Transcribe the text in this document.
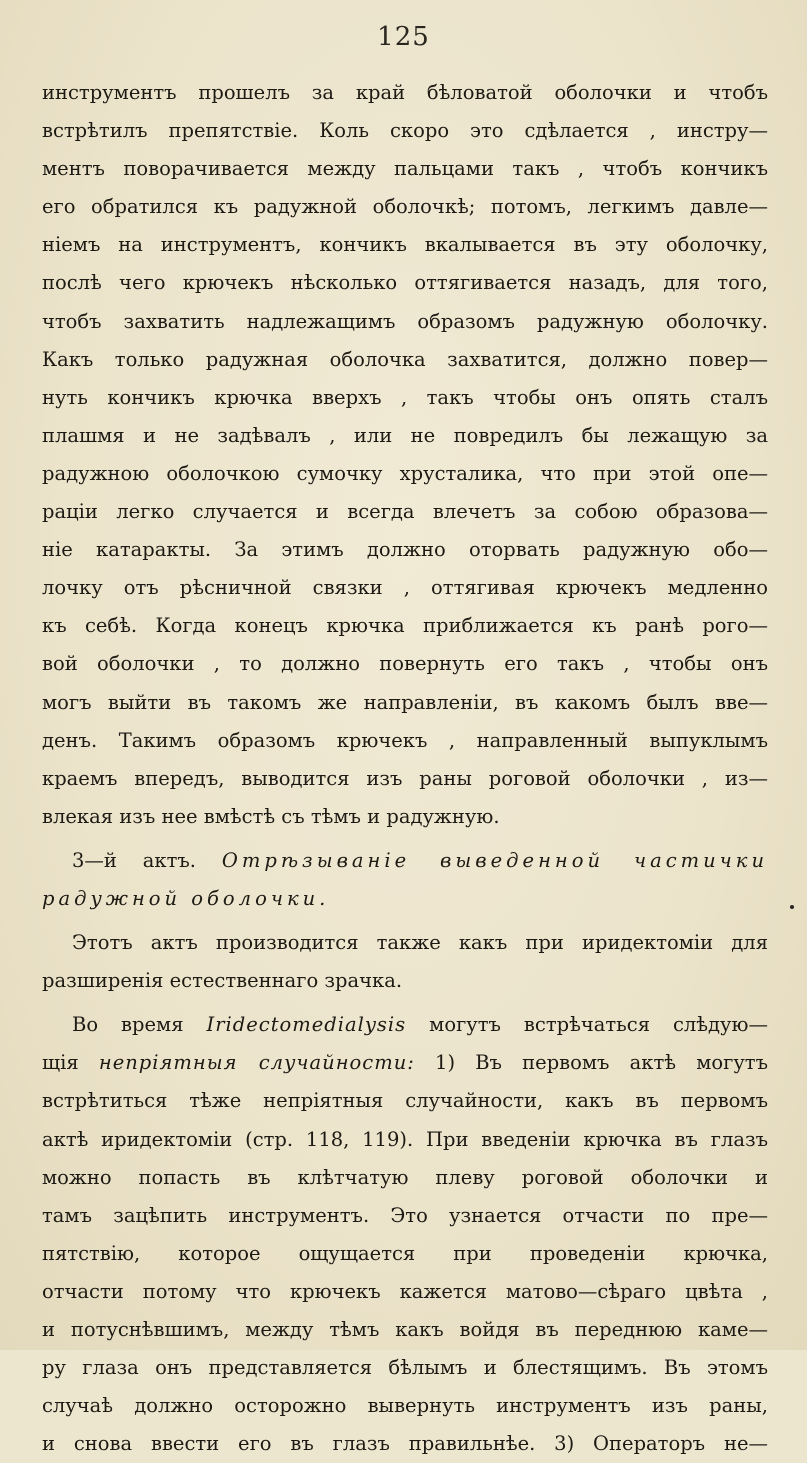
125
инструментъ прошелъ за край бѣловатой оболочки и чтобъ
встрѣтилъ препятствіе. Коль скоро это сдѣлается , инстру—
ментъ поворачивается между пальцами такъ , чтобъ кончикъ
его обратился къ радужной оболочкѣ; потомъ, легкимъ давле—
ніемъ на инструментъ, кончикъ вкалывается въ эту оболочку,
послѣ чего крючекъ нѣсколько оттягивается назадъ, для того,
чтобъ захватить надлежащимъ образомъ радужную оболочку.
Какъ только радужная оболочка захватится, должно повер—
нуть кончикъ крючка вверхъ , такъ чтобы онъ опять сталъ
плашмя и не задѣвалъ , или не повредилъ бы лежащую за
радужною оболочкою сумочку хрусталика, что при этой опе—
раціи легко случается и всегда влечетъ за собою образова—
ніе катаракты. За этимъ должно оторвать радужную обо—
лочку отъ рѣсничной связки , оттягивая крючекъ медленно
къ себѣ. Когда конецъ крючка приближается къ ранѣ рого—
вой оболочки , то должно повернуть его такъ , чтобы онъ
могъ выйти въ такомъ же направленіи, въ какомъ былъ вве—
денъ. Такимъ образомъ крючекъ , направленный выпуклымъ
краемъ впередъ, выводится изъ раны роговой оболочки , из—
влекая изъ нее вмѣстѣ съ тѣмъ и радужную.
3—й актъ. Отрѣзываніе выведенной частички
радужной оболочки.
Этотъ актъ производится также какъ при иридектоміи для
разширенія естественнаго зрачка.
Во время Iridectomedialysis могутъ встрѣчаться слѣдую—
щія непріятныя случайности: 1) Въ первомъ актѣ могутъ
встрѣтиться тѣже непріятныя случайности, какъ въ первомъ
актѣ иридектоміи (стр. 118, 119). При введеніи крючка въ глазъ
можно попасть въ клѣтчатую плеву роговой оболочки и
тамъ зацѣпить инструментъ. Это узнается отчасти по пре—
пятствію, которое ощущается при проведеніи крючка,
отчасти потому что крючекъ кажется матово—сѣраго цвѣта ,
и потуснѣвшимъ, между тѣмъ какъ войдя въ переднюю каме—
ру глаза онъ представляется бѣлымъ и блестящимъ. Въ этомъ
случаѣ должно осторожно вывернуть инструментъ изъ раны,
и снова ввести его въ глазъ правильнѣе. 3) Операторъ не—
